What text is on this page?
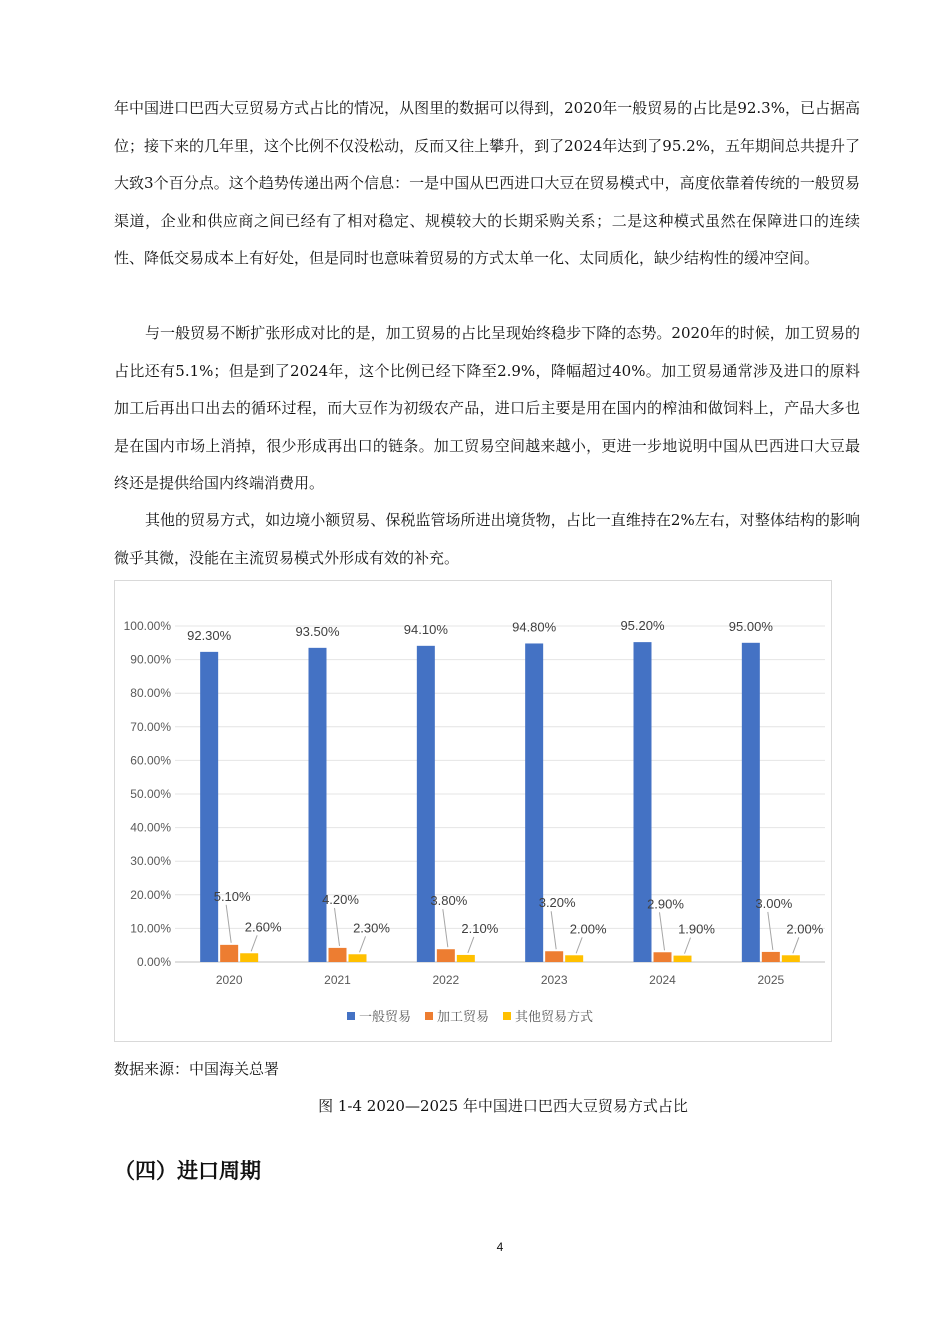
年中国进口巴西大豆贸易方式占比的情况，从图里的数据可以得到，2020年一般贸易的占比是92.3%，已占据高位；接下来的几年里，这个比例不仅没松动，反而又往上攀升，到了2024年达到了95.2%，五年期间总共提升了大致3个百分点。这个趋势传递出两个信息：一是中国从巴西进口大豆在贸易模式中，高度依靠着传统的一般贸易渠道，企业和供应商之间已经有了相对稳定、规模较大的长期采购关系；二是这种模式虽然在保障进口的连续性、降低交易成本上有好处，但是同时也意味着贸易的方式太单一化、太同质化，缺少结构性的缓冲空间。

与一般贸易不断扩张形成对比的是，加工贸易的占比呈现始终稳步下降的态势。2020年的时候，加工贸易的占比还有5.1%；但是到了2024年，这个比例已经下降至2.9%，降幅超过40%。加工贸易通常涉及进口的原料加工后再出口出去的循环过程，而大豆作为初级农产品，进口后主要是用在国内的榨油和做饲料上，产品大多也是在国内市场上消掉，很少形成再出口的链条。加工贸易空间越来越小，更进一步地说明中国从巴西进口大豆最终还是提供给国内终端消费用。

其他的贸易方式，如边境小额贸易、保税监管场所进出境货物，占比一直维持在2%左右，对整体结构的影响微乎其微，没能在主流贸易模式外形成有效的补充。

0.00%
10.00%
20.00%
30.00%
40.00%
50.00%
60.00%
70.00%
80.00%
90.00%
100.00%
2020	2021	2022	2023	2024	2025
92.30%
5.10%
2.60%
93.50%
4.20%
2.30%
94.10%
3.80%
2.10%
94.80%
3.20%
2.00%
95.20%
2.90%
1.90%
95.00%
3.00%
2.00%
一般贸易 加工贸易 其他贸易方式

数据来源：中国海关总署

图 1-4 2020—2025 年中国进口巴西大豆贸易方式占比

（四）进口周期
4
